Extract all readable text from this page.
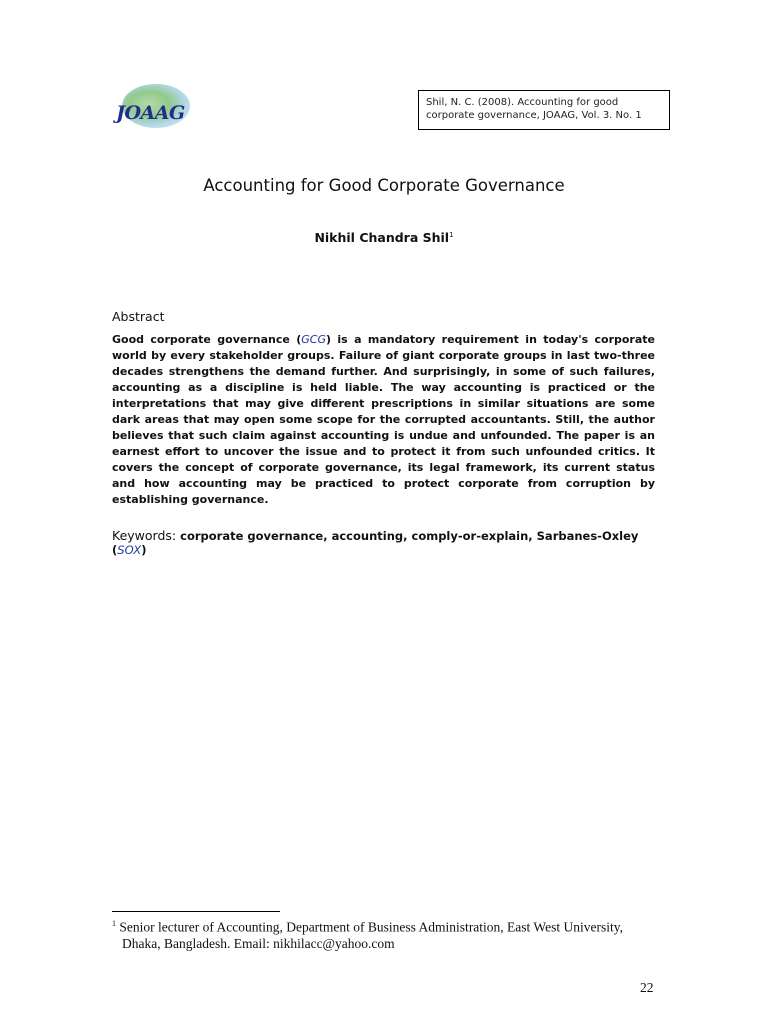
JOAAG	Shil, N. C. (2008). Accounting for good corporate governance, JOAAG, Vol. 3. No. 1
Accounting for Good Corporate Governance
Nikhil Chandra Shil$^1$
Abstract
Good corporate governance (GCG) is a mandatory requirement in today's corporate world by every stakeholder groups. Failure of giant corporate groups in last two-three decades strengthens the demand further. And surprisingly, in some of such failures, accounting as a discipline is held liable. The way accounting is practiced or the interpretations that may give different prescriptions in similar situations are some dark areas that may open some scope for the corrupted accountants. Still, the author believes that such claim against accounting is undue and unfounded. The paper is an earnest effort to uncover the issue and to protect it from such unfounded critics. It covers the concept of corporate governance, its legal framework, its current status and how accounting may be practiced to protect corporate from corruption by establishing governance.
Keywords: corporate governance, accounting, comply-or-explain, Sarbanes-Oxley (SOX)
$^1$ Senior lecturer of Accounting, Department of Business Administration, East West University,
Dhaka, Bangladesh. Email: nikhilacc@yahoo.com
22
